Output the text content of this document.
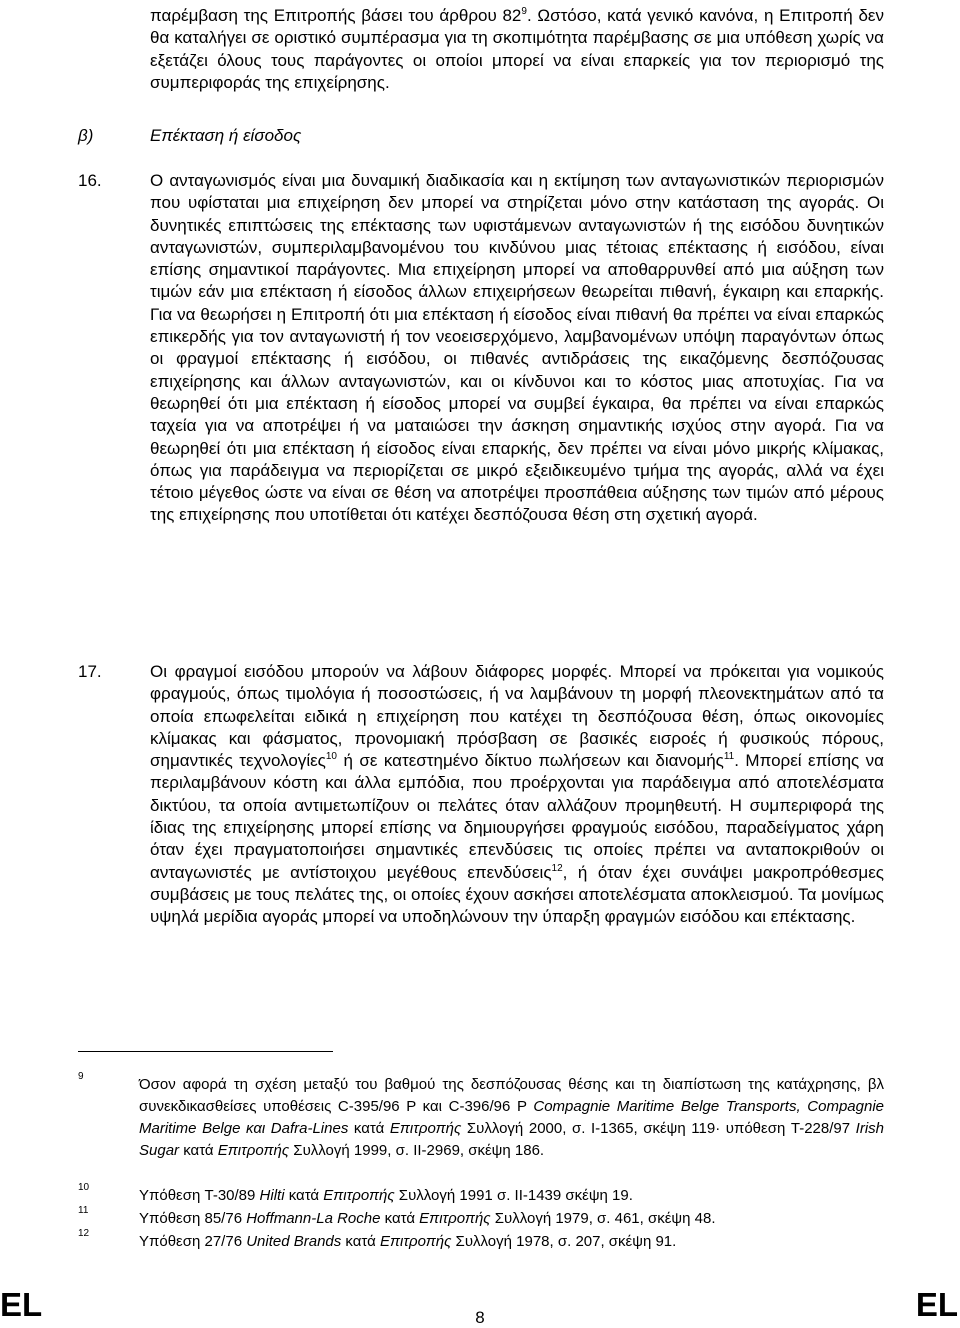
παρέμβαση της Επιτροπής βάσει του άρθρου $82^9$. Ωστόσο, κατά γενικό κανόνα, η Επιτροπή δεν θα καταλήγει σε οριστικό συμπέρασμα για τη σκοπιμότητα παρέμβασης σε μια υπόθεση χωρίς να εξετάζει όλους τους παράγοντες οι οποίοι μπορεί να είναι επαρκείς για τον περιορισμό της συμπεριφοράς της επιχείρησης.
β)	Επέκταση ή είσοδος
16.	Ο ανταγωνισμός είναι μια δυναμική διαδικασία και η εκτίμηση των ανταγωνιστικών περιορισμών που υφίσταται μια επιχείρηση δεν μπορεί να στηρίζεται μόνο στην κατάσταση της αγοράς. Οι δυνητικές επιπτώσεις της επέκτασης των υφιστάμενων ανταγωνιστών ή της εισόδου δυνητικών ανταγωνιστών, συμπεριλαμβανομένου του κινδύνου μιας τέτοιας επέκτασης ή εισόδου, είναι επίσης σημαντικοί παράγοντες. Μια επιχείρηση μπορεί να αποθαρρυνθεί από μια αύξηση των τιμών εάν μια επέκταση ή είσοδος άλλων επιχειρήσεων θεωρείται πιθανή, έγκαιρη και επαρκής. Για να θεωρήσει η Επιτροπή ότι μια επέκταση ή είσοδος είναι πιθανή θα πρέπει να είναι επαρκώς επικερδής για τον ανταγωνιστή ή τον νεοεισερχόμενο, λαμβανομένων υπόψη παραγόντων όπως οι φραγμοί επέκτασης ή εισόδου, οι πιθανές αντιδράσεις της εικαζόμενης δεσπόζουσας επιχείρησης και άλλων ανταγωνιστών, και οι κίνδυνοι και το κόστος μιας αποτυχίας. Για να θεωρηθεί ότι μια επέκταση ή είσοδος μπορεί να συμβεί έγκαιρα, θα πρέπει να είναι επαρκώς ταχεία για να αποτρέψει ή να ματαιώσει την άσκηση σημαντικής ισχύος στην αγορά. Για να θεωρηθεί ότι μια επέκταση ή είσοδος είναι επαρκής, δεν πρέπει να είναι μόνο μικρής κλίμακας, όπως για παράδειγμα να περιορίζεται σε μικρό εξειδικευμένο τμήμα της αγοράς, αλλά να έχει τέτοιο μέγεθος ώστε να είναι σε θέση να αποτρέψει προσπάθεια αύξησης των τιμών από μέρους της επιχείρησης που υποτίθεται ότι κατέχει δεσπόζουσα θέση στη σχετική αγορά.
17.	Οι φραγμοί εισόδου μπορούν να λάβουν διάφορες μορφές. Μπορεί να πρόκειται για νομικούς φραγμούς, όπως τιμολόγια ή ποσοστώσεις, ή να λαμβάνουν τη μορφή πλεονεκτημάτων από τα οποία επωφελείται ειδικά η επιχείρηση που κατέχει τη δεσπόζουσα θέση, όπως οικονομίες κλίμακας και φάσματος, προνομιακή πρόσβαση σε βασικές εισροές ή φυσικούς πόρους, σημαντικές τεχνολογίες$^{10}$ ή σε κατεστημένο δίκτυο πωλήσεων και διανομής$^{11}$. Μπορεί επίσης να περιλαμβάνουν κόστη και άλλα εμπόδια, που προέρχονται για παράδειγμα από αποτελέσματα δικτύου, τα οποία αντιμετωπίζουν οι πελάτες όταν αλλάζουν προμηθευτή. Η συμπεριφορά της ίδιας της επιχείρησης μπορεί επίσης να δημιουργήσει φραγμούς εισόδου, παραδείγματος χάρη όταν έχει πραγματοποιήσει σημαντικές επενδύσεις τις οποίες πρέπει να ανταποκριθούν οι ανταγωνιστές με αντίστοιχου μεγέθους επενδύσεις$^{12}$, ή όταν έχει συνάψει μακροπρόθεσμες συμβάσεις με τους πελάτες της, οι οποίες έχουν ασκήσει αποτελέσματα αποκλεισμού. Τα μονίμως υψηλά μερίδια αγοράς μπορεί να υποδηλώνουν την ύπαρξη φραγμών εισόδου και επέκτασης.
9	Όσον αφορά τη σχέση μεταξύ του βαθμού της δεσπόζουσας θέσης και τη διαπίστωση της κατάχρησης, βλ συνεκδικασθείσες υποθέσεις C-395/96 P και C-396/96 P Compagnie Maritime Belge Transports, Compagnie Maritime Belge και Dafra-Lines κατά Επιτροπής Συλλογή 2000, σ. I-1365, σκέψη 119· υπόθεση T-228/97 Irish Sugar κατά Επιτροπής Συλλογή 1999, σ. II-2969, σκέψη 186.
10	Υπόθεση T-30/89 Hilti κατά Επιτροπής Συλλογή 1991 σ. II-1439 σκέψη 19.
11	Υπόθεση 85/76 Hoffmann-La Roche κατά Επιτροπής Συλλογή 1979, σ. 461, σκέψη 48.
12	Υπόθεση 27/76 United Brands κατά Επιτροπής Συλλογή 1978, σ. 207, σκέψη 91.
EL	8	EL
